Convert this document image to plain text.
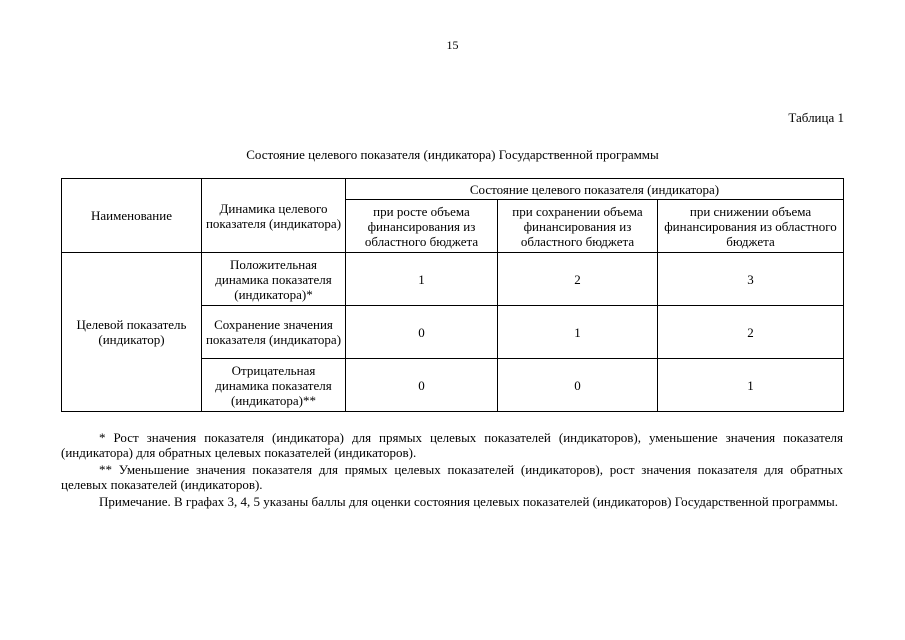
15
Таблица 1
Состояние целевого показателя (индикатора) Государственной программы
Наименование	Динамика целевого показателя (индикатора)	Состояние целевого показателя (индикатора)		
		при росте объема финансирования из областного бюджета	при сохранении объема финансирования из областного бюджета	при снижении объема финансирования из областного бюджета
Целевой показатель (индикатор)	Положительная динамика показателя (индикатора)*	1	2	3
	Сохранение значения показателя (индикатора)	0	1	2
	Отрицательная динамика показателя (индикатора)**	0	0	1

* Рост значения показателя (индикатора) для прямых целевых показателей (индикаторов), уменьшение значения показателя (индикатора) для обратных целевых показателей (индикаторов).

** Уменьшение значения показателя для прямых целевых показателей (индикаторов), рост значения показателя для обратных целевых показателей (индикаторов).

Примечание. В графах 3, 4, 5 указаны баллы для оценки состояния целевых показателей (индикаторов) Государственной программы.
